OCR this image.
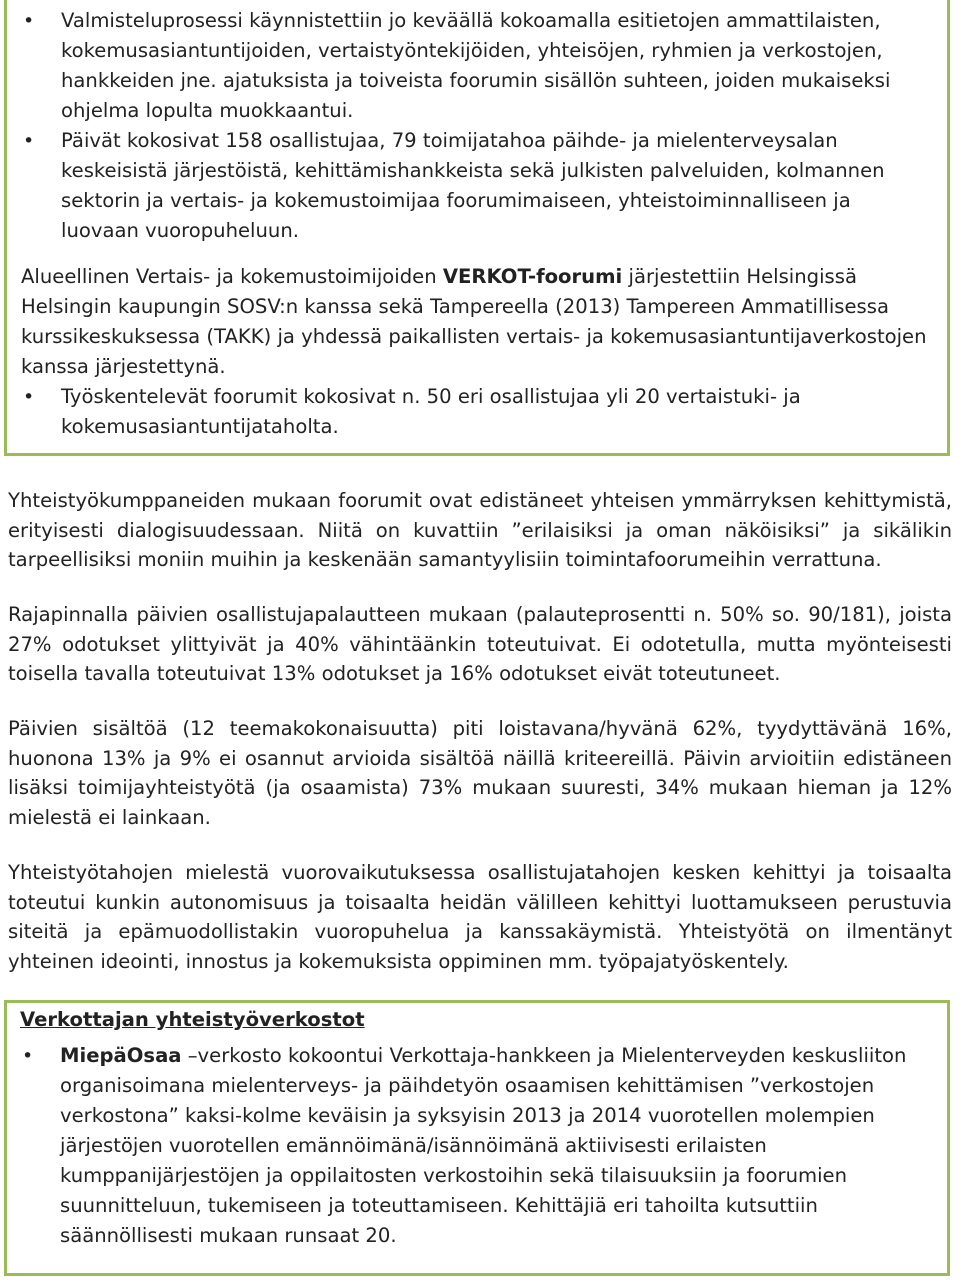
• Valmisteluprosessi käynnistettiin jo keväällä kokoamalla esitietojen ammattilaisten, kokemusasiantuntijoiden, vertaistyöntekijöiden, yhteisöjen, ryhmien ja verkostojen, hankkeiden jne. ajatuksista ja toiveista foorumin sisällön suhteen, joiden mukaiseksi ohjelma lopulta muokkaantui.
• Päivät kokosivat 158 osallistujaa, 79 toimijatahoa päihde- ja mielenterveysalan keskeisistä järjestöistä, kehittämishankkeista sekä julkisten palveluiden, kolmannen sektorin ja vertais- ja kokemustoimijaa foorumimaiseen, yhteistoiminnalliseen ja luovaan vuoropuheluun.

Alueellinen Vertais- ja kokemustoimijoiden VERKOT-foorumi järjestettiin Helsingissä Helsingin kaupungin SOSV:n kanssa sekä Tampereella (2013) Tampereen Ammatillisessa kurssikeskuksessa (TAKK) ja yhdessä paikallisten vertais- ja kokemusasiantuntijaverkostojen kanssa järjestettynä.

• Työskentelevät foorumit kokosivat n. 50 eri osallistujaa yli 20 vertaistuki- ja kokemusasiantuntijataholta.

Yhteistyökumppaneiden mukaan foorumit ovat edistäneet yhteisen ymmärryksen kehittymistä, erityisesti dialogisuudessaan. Niitä on kuvattiin ”erilaisiksi ja oman näköisiksi” ja sikälikin tarpeellisiksi moniin muihin ja keskenään samantyylisiin toimintafoorumeihin verrattuna.

Rajapinnalla päivien osallistujapalautteen mukaan (palauteprosentti n. 50% so. 90/181), joista 27% odotukset ylittyivät ja 40% vähintäänkin toteutuivat. Ei odotetulla, mutta myönteisesti toisella tavalla toteutuivat 13% odotukset ja 16% odotukset eivät toteutuneet.

Päivien sisältöä (12 teemakokonaisuutta) piti loistavana/hyvänä 62%, tyydyttävänä 16%, huonona 13% ja 9% ei osannut arvioida sisältöä näillä kriteereillä. Päivin arvioitiin edistäneen lisäksi toimijayhteistyötä (ja osaamista) 73% mukaan suuresti, 34% mukaan hieman ja 12% mielestä ei lainkaan.

Yhteistyötahojen mielestä vuorovaikutuksessa osallistujatahojen kesken kehittyi ja toisaalta toteutui kunkin autonomisuus ja toisaalta heidän välilleen kehittyi luottamukseen perustuvia siteitä ja epämuodollistakin vuoropuhelua ja kanssakäymistä. Yhteistyötä on ilmentänyt yhteinen ideointi, innostus ja kokemuksista oppiminen mm. työpajatyöskentely.

Verkottajan yhteistyöverkostot

• MiepäOsaa –verkosto kokoontui Verkottaja-hankkeen ja Mielenterveyden keskusliiton organisoimana mielenterveys- ja päihdetyön osaamisen kehittämisen ”verkostojen verkostona” kaksi-kolme keväisin ja syksyisin 2013 ja 2014 vuorotellen molempien järjestöjen vuorotellen emännöimänä/isännöimänä aktiivisesti erilaisten kumppanijärjestöjen ja oppilaitosten verkostoihin sekä tilaisuuksiin ja foorumien suunnitteluun, tukemiseen ja toteuttamiseen. Kehittäjiä eri tahoilta kutsuttiin säännöllisesti mukaan runsaat 20.
